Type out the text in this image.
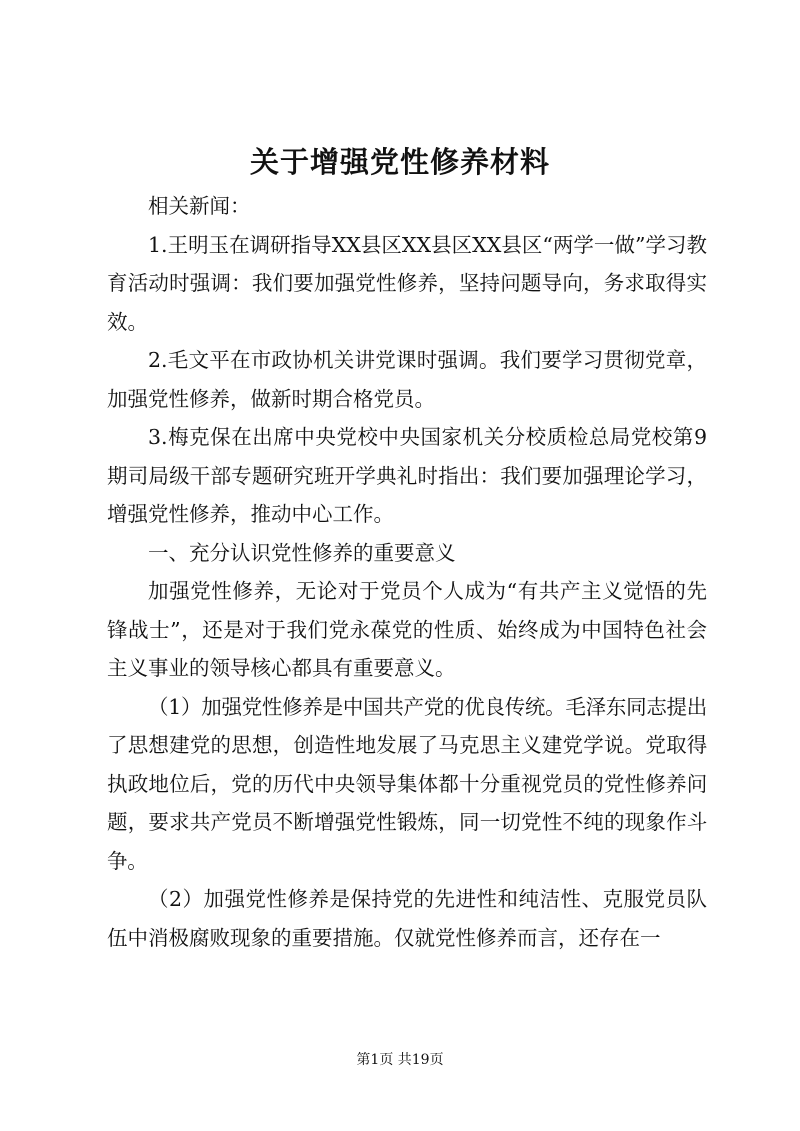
关于增强党性修养材料

相关新闻：

1.王明玉在调研指导XX县区XX县区XX县区“两学一做”学习教育活动时强调：我们要加强党性修养，坚持问题导向，务求取得实效。

2.毛文平在市政协机关讲党课时强调。我们要学习贯彻党章，加强党性修养，做新时期合格党员。

3.梅克保在出席中央党校中央国家机关分校质检总局党校第9期司局级干部专题研究班开学典礼时指出：我们要加强理论学习，增强党性修养，推动中心工作。

一、充分认识党性修养的重要意义

加强党性修养，无论对于党员个人成为“有共产主义觉悟的先锋战士”，还是对于我们党永葆党的性质、始终成为中国特色社会主义事业的领导核心都具有重要意义。

（1）加强党性修养是中国共产党的优良传统。毛泽东同志提出了思想建党的思想，创造性地发展了马克思主义建党学说。党取得执政地位后，党的历代中央领导集体都十分重视党员的党性修养问题，要求共产党员不断增强党性锻炼，同一切党性不纯的现象作斗争。

（2）加强党性修养是保持党的先进性和纯洁性、克服党员队伍中消极腐败现象的重要措施。仅就党性修养而言，还存在一

第1页 共19页
